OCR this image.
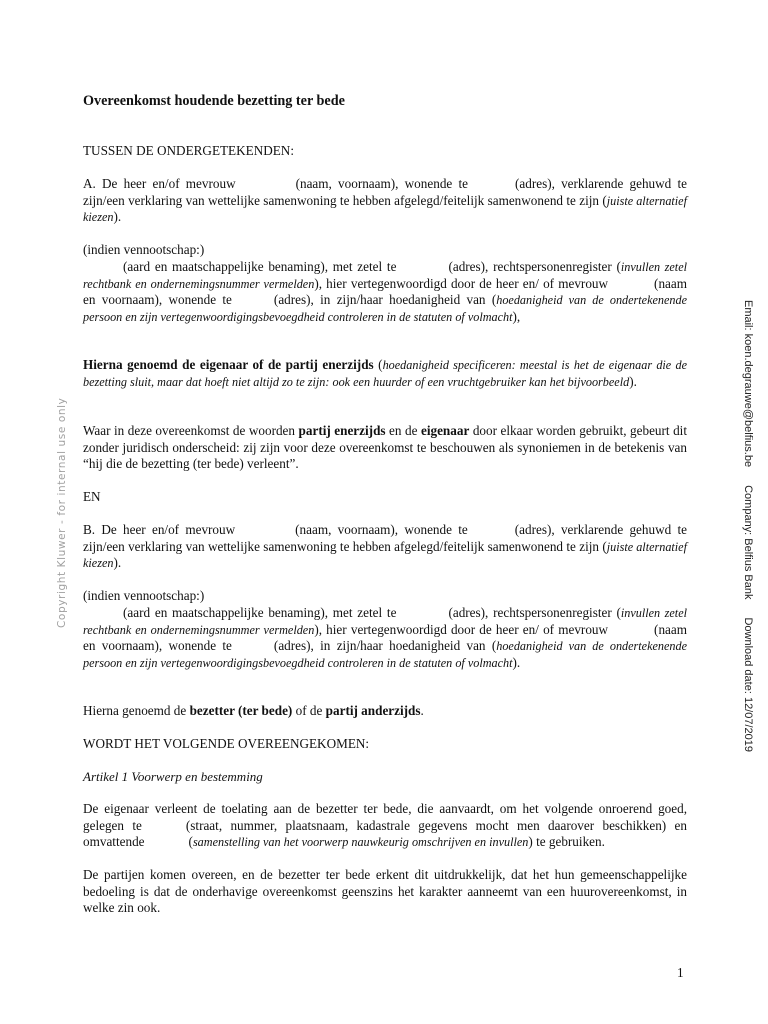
Overeenkomst houdende bezetting ter bede
TUSSEN DE ONDERGETEKENDEN:
A. De heer en/of mevrouw	(naam, voornaam), wonende te	(adres), verklarende gehuwd te zijn/een verklaring van wettelijke samenwoning te hebben afgelegd/feitelijk samenwonend te zijn (juiste alternatief kiezen).
(indien vennootschap:)
(aard en maatschappelijke benaming), met zetel te	(adres), rechtspersonenregister (invullen zetel rechtbank en ondernemingsnummer vermelden), hier vertegenwoordigd door de heer en/ of mevrouw	(naam en voornaam), wonende te	(adres), in zijn/haar hoedanigheid van (hoedanigheid van de ondertekenende persoon en zijn vertegenwoordigingsbevoegdheid controleren in de statuten of volmacht),
Hierna genoemd de eigenaar of de partij enerzijds (hoedanigheid specificeren: meestal is het de eigenaar die de bezetting sluit, maar dat hoeft niet altijd zo te zijn: ook een huurder of een vruchtgebruiker kan het bijvoorbeeld).
Waar in deze overeenkomst de woorden partij enerzijds en de eigenaar door elkaar worden gebruikt, gebeurt dit zonder juridisch onderscheid: zij zijn voor deze overeenkomst te beschouwen als synoniemen in de betekenis van “hij die de bezetting (ter bede) verleent”.
EN
B. De heer en/of mevrouw	(naam, voornaam), wonende te	(adres), verklarende gehuwd te zijn/een verklaring van wettelijke samenwoning te hebben afgelegd/feitelijk samenwonend te zijn (juiste alternatief kiezen).
(indien vennootschap:)
(aard en maatschappelijke benaming), met zetel te	(adres), rechtspersonenregister (invullen zetel rechtbank en ondernemingsnummer vermelden), hier vertegenwoordigd door de heer en/ of mevrouw	(naam en voornaam), wonende te	(adres), in zijn/haar hoedanigheid van (hoedanigheid van de ondertekenende persoon en zijn vertegenwoordigingsbevoegdheid controleren in de statuten of volmacht).
Hierna genoemd de bezetter (ter bede) of de partij anderzijds.
WORDT HET VOLGENDE OVEREENGEKOMEN:
Artikel 1 Voorwerp en bestemming
De eigenaar verleent de toelating aan de bezetter ter bede, die aanvaardt, om het volgende onroerend goed, gelegen te	(straat, nummer, plaatsnaam, kadastrale gegevens mocht men daarover beschikken) en omvattende	(samenstelling van het voorwerp nauwkeurig omschrijven en invullen) te gebruiken.
De partijen komen overeen, en de bezetter ter bede erkent dit uitdrukkelijk, dat het hun gemeenschappelijke bedoeling is dat de onderhavige overeenkomst geenszins het karakter aanneemt van een huurovereenkomst, in welke zin ook.
Copyright Kluwer - for internal use only
Email: koen.degrauwe@belfius.beCompany: Belfius BankDownload date: 12/07/2019
1
